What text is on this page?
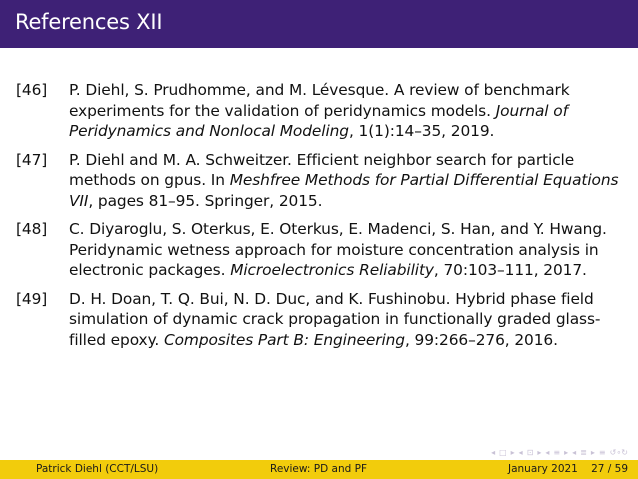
References XII
[46] P. Diehl, S. Prudhomme, and M. Lévesque. A review of benchmark experiments for the validation of peridynamics models. Journal of Peridynamics and Nonlocal Modeling, 1(1):14–35, 2019.
[47] P. Diehl and M. A. Schweitzer. Efficient neighbor search for particle methods on gpus. In Meshfree Methods for Partial Differential Equations VII, pages 81–95. Springer, 2015.
[48] C. Diyaroglu, S. Oterkus, E. Oterkus, E. Madenci, S. Han, and Y. Hwang. Peridynamic wetness approach for moisture concentration analysis in electronic packages. Microelectronics Reliability, 70:103–111, 2017.
[49] D. H. Doan, T. Q. Bui, N. D. Duc, and K. Fushinobu. Hybrid phase field simulation of dynamic crack propagation in functionally graded glass-filled epoxy. Composites Part B: Engineering, 99:266–276, 2016.
◂ □ ▸ ◂ ⊡ ▸ ◂ ≡ ▸ ◂ ≣ ▸ ≡ ↺∘↻
Patrick Diehl (CCT/LSU)	Review: PD and PF	January 2021 27 / 59
